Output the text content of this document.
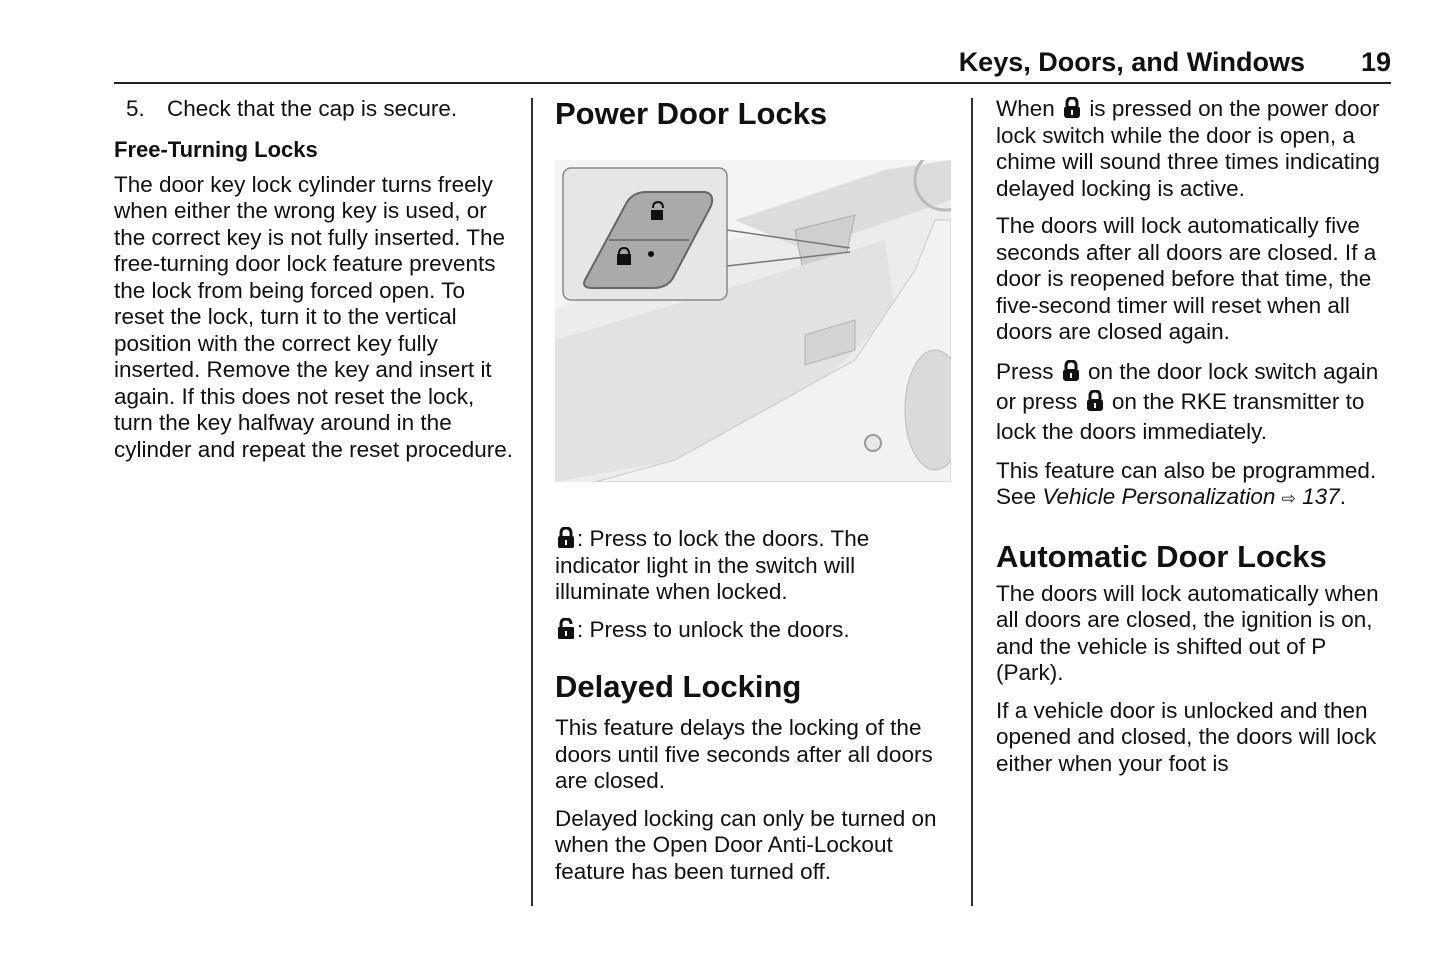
Keys, Doors, and Windows 19

5. Check that the cap is secure.

Free-Turning Locks

The door key lock cylinder turns freely when either the wrong key is used, or the correct key is not fully inserted. The free-turning door lock feature prevents the lock from being forced open. To reset the lock, turn it to the vertical position with the correct key fully inserted. Remove the key and insert it again. If this does not reset the lock, turn the key halfway around in the cylinder and repeat the reset procedure.

Power Door Locks

: Press to lock the doors. The indicator light in the switch will illuminate when locked.

: Press to unlock the doors.

Delayed Locking

This feature delays the locking of the doors until five seconds after all doors are closed.

Delayed locking can only be turned on when the Open Door Anti-Lockout feature has been turned off.

When is pressed on the power door lock switch while the door is open, a chime will sound three times indicating delayed locking is active.

The doors will lock automatically five seconds after all doors are closed. If a door is reopened before that time, the five-second timer will reset when all doors are closed again.

Press on the door lock switch again or press on the RKE transmitter to lock the doors immediately.

This feature can also be programmed. See Vehicle Personalization ⇨ 137.

Automatic Door Locks

The doors will lock automatically when all doors are closed, the ignition is on, and the vehicle is shifted out of P (Park).

If a vehicle door is unlocked and then opened and closed, the doors will lock either when your foot is
